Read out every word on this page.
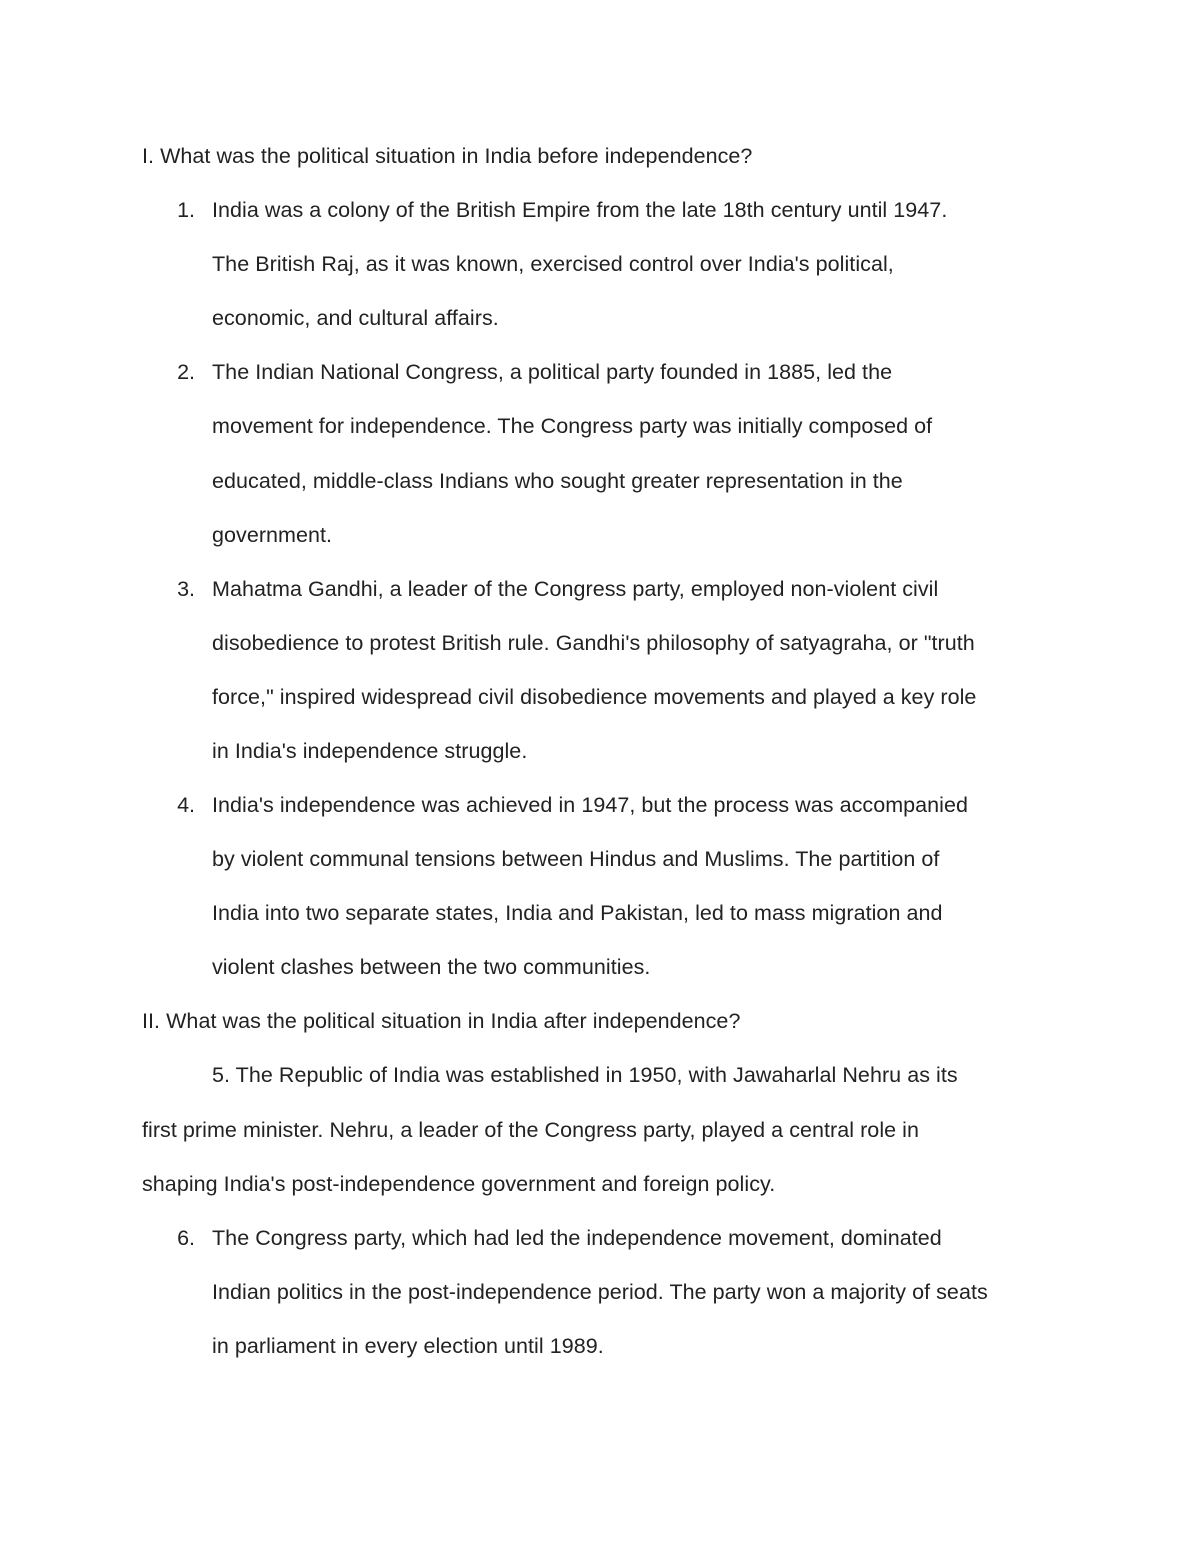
I. What was the political situation in India before independence?
1. India was a colony of the British Empire from the late 18th century until 1947.
The British Raj, as it was known, exercised control over India's political,
economic, and cultural affairs.
2. The Indian National Congress, a political party founded in 1885, led the
movement for independence. The Congress party was initially composed of
educated, middle-class Indians who sought greater representation in the
government.
3. Mahatma Gandhi, a leader of the Congress party, employed non-violent civil
disobedience to protest British rule. Gandhi's philosophy of satyagraha, or "truth
force," inspired widespread civil disobedience movements and played a key role
in India's independence struggle.
4. India's independence was achieved in 1947, but the process was accompanied
by violent communal tensions between Hindus and Muslims. The partition of
India into two separate states, India and Pakistan, led to mass migration and
violent clashes between the two communities.
II. What was the political situation in India after independence?
5. The Republic of India was established in 1950, with Jawaharlal Nehru as its
first prime minister. Nehru, a leader of the Congress party, played a central role in
shaping India's post-independence government and foreign policy.
6. The Congress party, which had led the independence movement, dominated
Indian politics in the post-independence period. The party won a majority of seats
in parliament in every election until 1989.
